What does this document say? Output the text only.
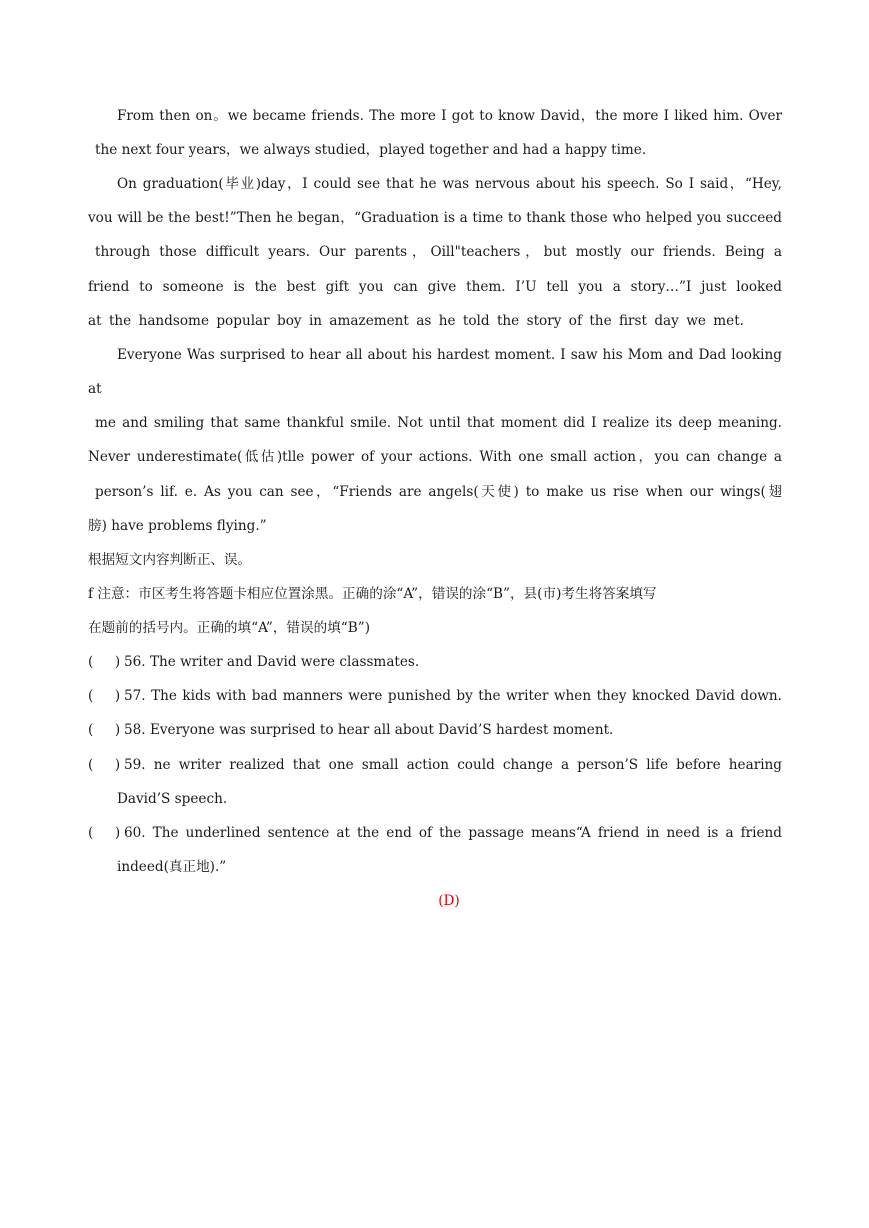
From then on。we became friends. The more I got to know David，the more I liked him. Over
the next four years，we always studied，played together and had a happy time.
On graduation(毕业)day，I could see that he was nervous about his speech. So I said，“Hey,
vou will be the best!”Then he began，“Graduation is a time to thank those who helped you succeed
through those difficult years. Our parents，Oill"teachers，but mostly our friends. Being a
friend to someone is the best gift you can give them. I’U tell you a story…”I just looked
at the handsome popular boy in amazement as he told the story of the first day we met.
Everyone Was surprised to hear all about his hardest moment. I saw his Mom and Dad looking
at
me and smiling that same thankful smile. Not until that moment did I realize its deep meaning.
Never underestimate(低估)tlle power of your actions. With one small action，you can change a
person’s lif. e. As you can see，“Friends are angels(天使) to make us rise when our wings(翅
膀) have problems flying.”
根据短文内容判断正、误。
f 注意：市区考生将答题卡相应位置涂黑。正确的涂“A”，错误的涂“B”，县(市)考生将答案填写
在题前的括号内。正确的填“A”，错误的填“B”)
(     ) 56. The writer and David were classmates.
(     ) 57. The kids with bad manners were punished by the writer when they knocked David down.
(     ) 58. Everyone was surprised to hear all about David’S hardest moment.
(     ) 59. ne writer realized that one small action could change a person’S life before hearing
David’S speech.
(     ) 60. The underlined sentence at the end of the passage means“A friend in need is a friend
indeed(真正地).”
(D)
